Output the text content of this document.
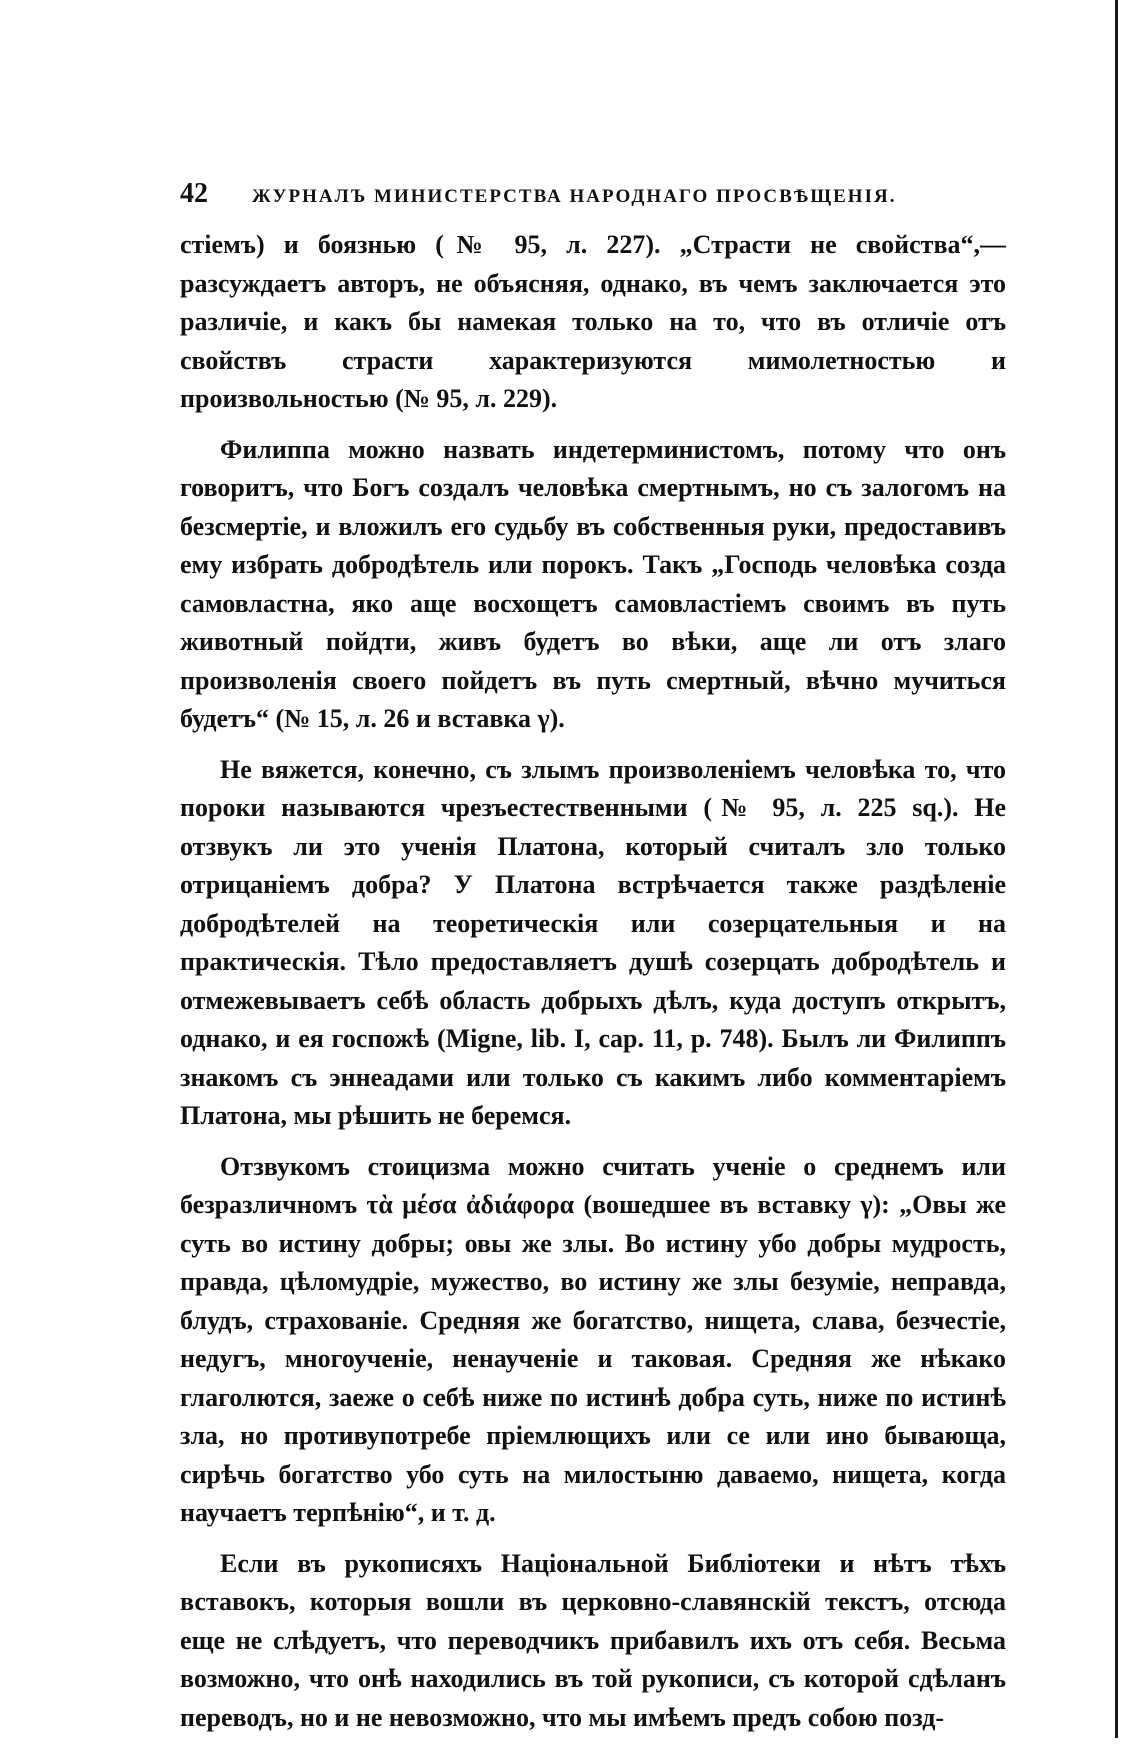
42	ЖУРНАЛЪ МИНИСТЕРСТВА НАРОДНАГО ПРОСВѢЩЕНІЯ.

стіемъ) и боязнью (№ 95, л. 227). „Страсти не свойства“,—разсуждаетъ авторъ, не объясняя, однако, въ чемъ заключается это различіе, и какъ бы намекая только на то, что въ отличіе отъ свойствъ страсти характеризуются мимолетностью и произвольностью (№ 95, л. 229).

Филиппа можно назвать индетерминистомъ, потому что онъ говоритъ, что Богъ создалъ человѣка смертнымъ, но съ залогомъ на безсмертіе, и вложилъ его судьбу въ собственныя руки, предоставивъ ему избрать добродѣтель или порокъ. Такъ „Господь человѣка созда самовластна, яко аще восхощетъ самовластіемъ своимъ въ путь животный пойдти, живъ будетъ во вѣки, аще ли отъ злаго произволенія своего пойдетъ въ путь смертный, вѣчно мучиться будетъ“ (№ 15, л. 26 и вставка γ).

Не вяжется, конечно, съ злымъ произволеніемъ человѣка то, что пороки называются чрезъестественными (№ 95, л. 225 sq.). Не отзвукъ ли это ученія Платона, который считалъ зло только отрицаніемъ добра? У Платона встрѣчается также раздѣленіе добродѣтелей на теоретическія или созерцательныя и на практическія. Тѣло предоставляетъ душѣ созерцать добродѣтель и отмежевываетъ себѣ область добрыхъ дѣлъ, куда доступъ открытъ, однако, и ея госпожѣ (Migne, lib. I, cap. 11, p. 748). Былъ ли Филиппъ знакомъ съ эннеадами или только съ какимъ либо комментаріемъ Платона, мы рѣшить не беремся.

Отзвукомъ стоицизма можно считать ученіе о среднемъ или безразличномъ τὰ μέσα ἀδιάφορα (вошедшее въ вставку γ): „Овы же суть во истину добры; овы же злы. Во истину убо добры мудрость, правда, цѣломудріе, мужество, во истину же злы безуміе, неправда, блудъ, страхованіе. Средняя же богатство, нищета, слава, безчестіе, недугъ, многоученіе, ненаученіе и таковая. Средняя же нѣкако глаголются, заеже о себѣ ниже по истинѣ добра суть, ниже по истинѣ зла, но противупотребе пріемлющихъ или се или ино бывающа, сирѣчь богатство убо суть на милостыню даваемо, нищета, когда научаетъ терпѣнію“, и т. д.

Если въ рукописяхъ Національной Библіотеки и нѣтъ тѣхъ вставокъ, которыя вошли въ церковно-славянскій текстъ, отсюда еще не слѣдуетъ, что переводчикъ прибавилъ ихъ отъ себя. Весьма возможно, что онѣ находились въ той рукописи, съ которой сдѣланъ переводъ, но и не невозможно, что мы имѣемъ предъ собою позд-
